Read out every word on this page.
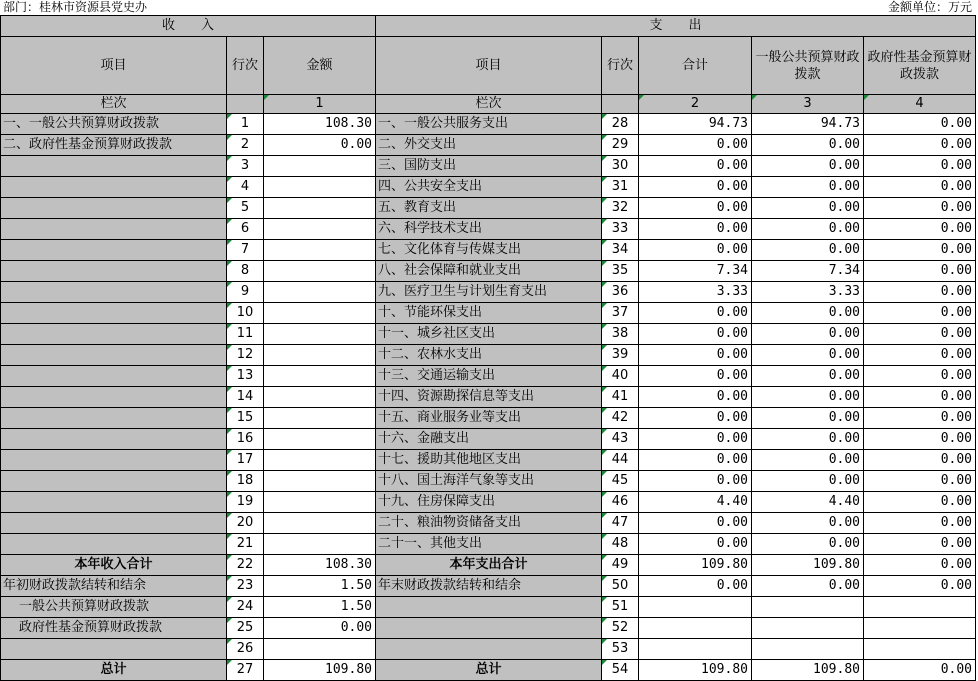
部门：桂林市资源县党史办	金额单位：万元
收　　入			支　　出				
项目	行次	金额	项目	行次	合计	一般公共预算财政拨款	政府性基金预算财政拨款
栏次		1	栏次		2	3	4
一、一般公共预算财政拨款	1	108.30	一、一般公共服务支出	28	94.73	94.73	0.00
二、政府性基金预算财政拨款	2	0.00	二、外交支出	29	0.00	0.00	0.00
	3		三、国防支出	30	0.00	0.00	0.00
	4		四、公共安全支出	31	0.00	0.00	0.00
	5		五、教育支出	32	0.00	0.00	0.00
	6		六、科学技术支出	33	0.00	0.00	0.00
	7		七、文化体育与传媒支出	34	0.00	0.00	0.00
	8		八、社会保障和就业支出	35	7.34	7.34	0.00
	9		九、医疗卫生与计划生育支出	36	3.33	3.33	0.00
	10		十、节能环保支出	37	0.00	0.00	0.00
	11		十一、城乡社区支出	38	0.00	0.00	0.00
	12		十二、农林水支出	39	0.00	0.00	0.00
	13		十三、交通运输支出	40	0.00	0.00	0.00
	14		十四、资源勘探信息等支出	41	0.00	0.00	0.00
	15		十五、商业服务业等支出	42	0.00	0.00	0.00
	16		十六、金融支出	43	0.00	0.00	0.00
	17		十七、援助其他地区支出	44	0.00	0.00	0.00
	18		十八、国土海洋气象等支出	45	0.00	0.00	0.00
	19		十九、住房保障支出	46	4.40	4.40	0.00
	20		二十、粮油物资储备支出	47	0.00	0.00	0.00
	21		二十一、其他支出	48	0.00	0.00	0.00
本年收入合计	22	108.30	本年支出合计	49	109.80	109.80	0.00
年初财政拨款结转和结余	23	1.50	年末财政拨款结转和结余	50	0.00	0.00	0.00
一般公共预算财政拨款	24	1.50		51			
政府性基金预算财政拨款	25	0.00		52			
	26			53			
总计	27	109.80	总计	54	109.80	109.80	0.00
